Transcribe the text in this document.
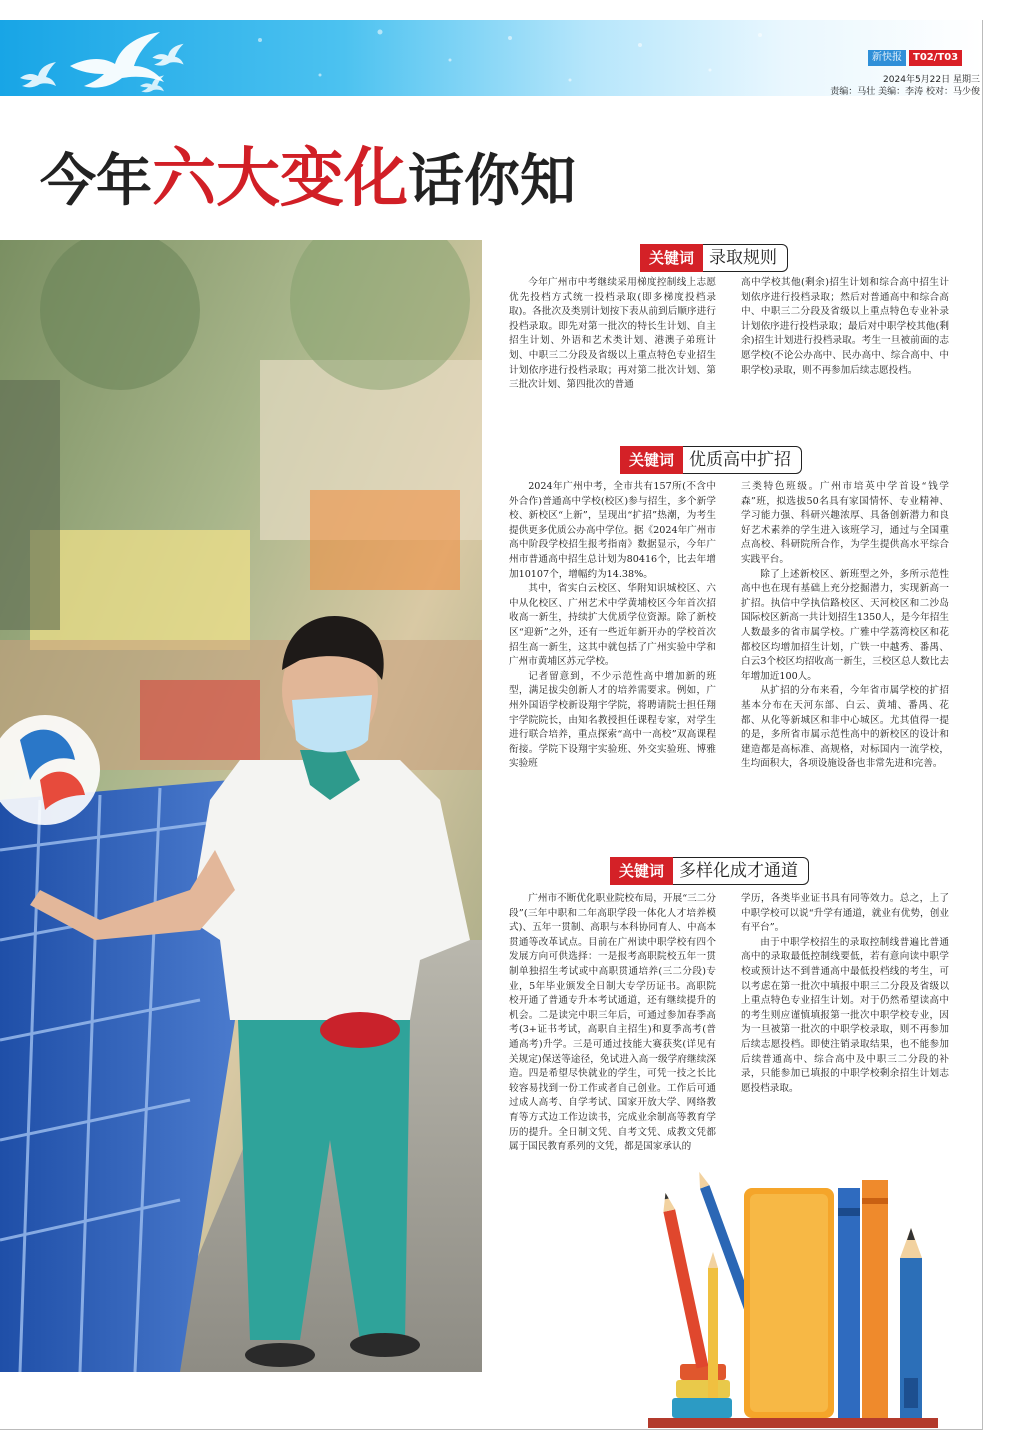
新快报	T02/T03
2024年5月22日 星期三
责编：马壮 美编：李涛 校对：马少俊
今年六大变化话你知
关键词 录取规则

今年广州市中考继续采用梯度控制线上志愿优先投档方式统一投档录取(即多梯度投档录取)。各批次及类别计划按下表从前到后顺序进行投档录取。即先对第一批次的特长生计划、自主招生计划、外语和艺术类计划、港澳子弟班计划、中职三二分段及省级以上重点特色专业招生计划依序进行投档录取；再对第二批次计划、第三批次计划、第四批次的普通

高中学校其他(剩余)招生计划和综合高中招生计划依序进行投档录取；然后对普通高中和综合高中、中职三二分段及省级以上重点特色专业补录计划依序进行投档录取；最后对中职学校其他(剩余)招生计划进行投档录取。考生一旦被前面的志愿学校(不论公办高中、民办高中、综合高中、中职学校)录取，则不再参加后续志愿投档。

关键词 优质高中扩招

2024年广州中考，全市共有157所(不含中外合作)普通高中学校(校区)参与招生，多个新学校、新校区“上新”，呈现出“扩招”热潮，为考生提供更多优质公办高中学位。据《2024年广州市高中阶段学校招生报考指南》数据显示，今年广州市普通高中招生总计划为80416个，比去年增加10107个，增幅约为14.38%。

其中，省实白云校区、华附知识城校区、六中从化校区、广州艺术中学黄埔校区今年首次招收高一新生，持续扩大优质学位资源。除了新校区“迎新”之外，还有一些近年新开办的学校首次招生高一新生，这其中就包括了广州实验中学和广州市黄埔区苏元学校。

记者留意到，不少示范性高中增加新的班型，满足拔尖创新人才的培养需要求。例如，广州外国语学校新设翔宇学院，将聘请院士担任翔宇学院院长，由知名教授担任课程专家，对学生进行联合培养，重点探索“高中一高校”双高课程衔接。学院下设翔宇实验班、外交实验班、博雅实验班

三类特色班级。广州市培英中学首设“钱学森”班，拟选拔50名具有家国情怀、专业精神、学习能力强、科研兴趣浓厚、具备创新潜力和良好艺术素养的学生进入该班学习，通过与全国重点高校、科研院所合作，为学生提供高水平综合实践平台。

除了上述新校区、新班型之外，多所示范性高中也在现有基础上充分挖掘潜力，实现新高一扩招。执信中学执信路校区、天河校区和二沙岛国际校区新高一共计划招生1350人，是今年招生人数最多的省市属学校。广雅中学荔湾校区和花都校区均增加招生计划，广铁一中越秀、番禺、白云3个校区均招收高一新生，三校区总人数比去年增加近100人。

从扩招的分布来看，今年省市属学校的扩招基本分布在天河东部、白云、黄埔、番禺、花都、从化等新城区和非中心城区。尤其值得一提的是，多所省市属示范性高中的新校区的设计和建造都是高标准、高规格，对标国内一流学校，生均面积大，各项设施设备也非常先进和完善。

关键词 多样化成才通道

广州市不断优化职业院校布局，开展“三二分段”(三年中职和二年高职学段一体化人才培养模式)、五年一贯制、高职与本科协同育人、中高本贯通等改革试点。目前在广州读中职学校有四个发展方向可供选择：一是报考高职院校五年一贯制单独招生考试或中高职贯通培养(三二分段)专业，5年毕业颁发全日制大专学历证书。高职院校开通了普通专升本考试通道，还有继续提升的机会。二是读完中职三年后，可通过参加春季高考(3+证书考试，高职自主招生)和夏季高考(普通高考)升学。三是可通过技能大赛获奖(详见有关规定)保送等途径，免试进入高一级学府继续深造。四是希望尽快就业的学生，可凭一技之长比较容易找到一份工作或者自己创业。工作后可通过成人高考、自学考试、国家开放大学、网络教育等方式边工作边读书，完成业余制高等教育学历的提升。全日制文凭、自考文凭、成教文凭都属于国民教育系列的文凭，都是国家承认的

学历，各类毕业证书具有同等效力。总之，上了中职学校可以说“升学有通道，就业有优势，创业有平台”。

由于中职学校招生的录取控制线普遍比普通高中的录取最低控制线要低，若有意向读中职学校或预计达不到普通高中最低投档线的考生，可以考虑在第一批次中填报中职三二分段及省级以上重点特色专业招生计划。对于仍然希望读高中的考生则应谨慎填报第一批次中职学校专业，因为一旦被第一批次的中职学校录取，则不再参加后续志愿投档。即使注销录取结果，也不能参加后续普通高中、综合高中及中职三二分段的补录，只能参加已填报的中职学校剩余招生计划志愿投档录取。
